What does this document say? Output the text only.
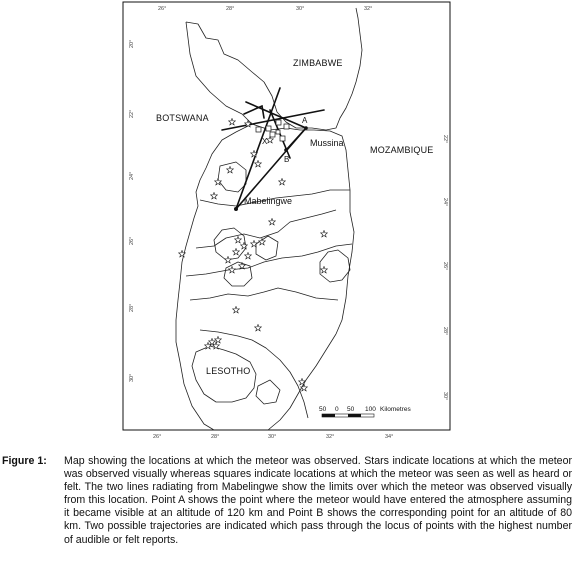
26°	28°	30°	32°
26°	28°	30°	32°	34°
20°
22°
24°
26°
28°
30°
22°
24°
26°
28°
30°
ZIMBABWE
BOTSWANA
MOZAMBIQUE
LESOTHO
Mussina
Mabelingwe
A
B
X
50 0 50 100 Kilometres
Figure 1:	Map showing the locations at which the meteor was observed. Stars indicate locations at which the meteor was observed visually whereas squares indicate locations at which the meteor was seen as well as heard or felt. The two lines radiating from Mabelingwe show the limits over which the meteor was observed visually from this location. Point A shows the point where the meteor would have entered the atmosphere assuming it became visible at an altitude of 120 km and Point B shows the corresponding point for an altitude of 80 km. Two possible trajectories are indicated which pass through the locus of points with the highest number of audible or felt reports.
